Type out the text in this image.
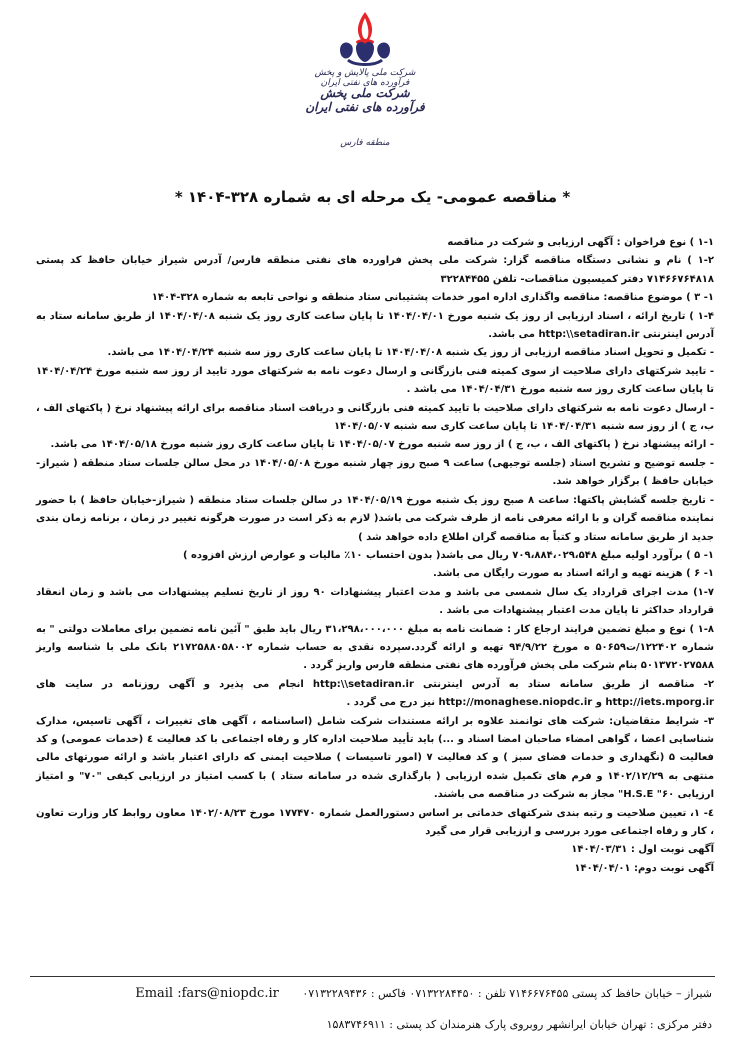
شرکت ملی پالایش و پخش فرآورده های نفتی ایران
شرکت ملی پخش فرآورده های نفتی ایران
منطقه فارس
* مناقصه عمومی- یک مرحله ای به شماره ۳۲۸-۱۴۰۴ *

۱-۱ ) نوع فراخوان : آگهی ارزیابی و شرکت در مناقصه

۱-۲ ) نام و نشانی دستگاه مناقصه گزار: شرکت ملی پخش فراورده های نفتی منطقه فارس/ آدرس شیراز خیابان حافظ کد پستی ۷۱۴۶۶۷۶۴۸۱۸ دفتر کمیسیون مناقصات- تلفن ۳۲۲۸۴۴۵۵

۱- ۳ ) موضوع مناقصه: مناقصه واگذاری اداره امور خدمات پشتیبانی ستاد منطقه و نواحی تابعه به شماره ۳۲۸-۱۴۰۴

۱-۴ ) تاریخ ارائه ، اسناد ارزیابی از روز یک شنبه مورخ ۱۴۰۴/۰۴/۰۱ تا پایان ساعت کاری روز یک شنبه ۱۴۰۴/۰۴/۰۸ از طریق سامانه ستاد به آدرس اینترنتی http:\\setadiran.ir می باشد.

- تکمیل و تحویل اسناد مناقصه ارزیابی از روز یک شنبه ۱۴۰۴/۰۴/۰۸ تا پایان ساعت کاری روز سه شنبه ۱۴۰۴/۰۴/۲۴ می باشد.

- تایید شرکتهای دارای صلاحیت از سوی کمیته فنی بازرگانی و ارسال دعوت نامه به شرکتهای مورد تایید از روز سه شنبه مورخ ۱۴۰۴/۰۴/۲۴ تا پایان ساعت کاری روز سه شنبه مورخ ۱۴۰۴/۰۴/۳۱ می باشد .

- ارسال دعوت نامه به شرکتهای دارای صلاحیت با تایید کمیته فنی بازرگانی و دریافت اسناد مناقصه برای ارائه پیشنهاد نرخ ( پاکتهای الف ، ب، ج ) از روز سه شنبه ۱۴۰۴/۰۴/۳۱ تا پایان ساعت کاری سه شنبه ۱۴۰۴/۰۵/۰۷

- ارائه پیشنهاد نرخ ( پاکتهای الف ، ب، ج ) از روز سه شنبه مورخ ۱۴۰۴/۰۵/۰۷ تا پایان ساعت کاری روز شنبه مورخ ۱۴۰۴/۰۵/۱۸ می باشد.

- جلسه توضیح و تشریح اسناد (جلسه توجیهی) ساعت ۹ صبح روز چهار شنبه مورخ ۱۴۰۴/۰۵/۰۸ در محل سالن جلسات ستاد منطقه ( شیراز- خیابان حافظ ) برگزار خواهد شد.

- تاریخ جلسه گشایش پاکتها: ساعت ۸ صبح روز یک شنبه مورخ ۱۴۰۴/۰۵/۱۹ در سالن جلسات ستاد منطقه ( شیراز-خیابان حافظ ) با حضور نماینده مناقصه گران و با ارائه معرفی نامه از طرف شرکت می باشد( لازم به ذکر است در صورت هرگونه تغییر در زمان ، برنامه زمان بندی جدید از طریق سامانه ستاد و کتباً به مناقصه گران اطلاع داده خواهد شد )

۱- ۵ ) برآورد اولیه مبلغ ۷۰۹،۸۸۴،۰۲۹،۵۴۸ ریال می باشد( بدون احتساب ۱۰٪ مالیات و عوارض ارزش افزوده )

۱- ۶ ) هزینه تهیه و ارائه اسناد به صورت رایگان می باشد.

۱-۷) مدت اجرای قرارداد یک سال شمسی می باشد و مدت اعتبار پیشنهادات ۹۰ روز از تاریخ تسلیم پیشنهادات می باشد و زمان انعقاد قرارداد حداکثر تا پایان مدت اعتبار پیشنهادات می باشد .

۱-۸ ) نوع و مبلغ تضمین فرایند ارجاع کار : ضمانت نامه به مبلغ ۳۱،۲۹۸،۰۰۰،۰۰۰ ریال باید طبق " آئین نامه تضمین برای معاملات دولتی " به شماره ۱۲۲۴۰۲/ت۵۰۶۵۹ ه مورخ ۹۴/۹/۲۲ تهیه و ارائه گردد.سپرده نقدی به حساب شماره ۲۱۷۲۵۸۸۰۵۸۰۰۲ بانک ملی با شناسه واریز ۵۰۱۳۷۲۰۲۷۵۸۸ بنام شرکت ملی پخش فرآورده های نفتی منطقه فارس واریز گردد .

۲- مناقصه از طریق سامانه ستاد به آدرس اینترنتی http:\\setadiran.ir انجام می پذیرد و آگهی روزنامه در سایت های http://iets.mporg.ir و http://monaghese.niopdc.ir نیز درج می گردد .

۳- شرایط متقاضیان: شرکت های توانمند علاوه بر ارائه مستندات شرکت شامل (اساسنامه ، آگهی های تغییرات ، آگهی تاسیس، مدارک شناسایی اعضا ، گواهی امضاء صاحبان امضا اسناد و ...) باید تأیید صلاحیت اداره کار و رفاه اجتماعی با کد فعالیت ٤ (خدمات عمومی) و کد فعالیت ۵ (نگهداری و خدمات فضای سبز ) و کد فعالیت ۷ (امور تاسیسات ) صلاحیت ایمنی که دارای اعتبار باشد و ارائه صورتهای مالی منتهی به ۱۴۰۲/۱۲/۲۹ و فرم های تکمیل شده ارزیابی ( بارگذاری شده در سامانه ستاد ) با کسب امتیاز در ارزیابی کیفی "۷۰" و امتیاز ارزیابی H.S.E "۶۰" مجاز به شرکت در مناقصه می باشند.

٤- ۱، تعیین صلاحیت و رتبه بندی شرکتهای خدماتی بر اساس دستورالعمل شماره ۱۷۷۴۷۰ مورخ ۱۴۰۲/۰۸/۲۳ معاون روابط کار وزارت تعاون ، کار و رفاه اجتماعی مورد بررسی و ارزیابی قرار می گیرد

آگهی نوبت اول : ۱۴۰۴/۰۳/۳۱

آگهی نوبت دوم: ۱۴۰۴/۰۴/۰۱

شیراز – خیابان حافظ کد پستی ۷۱۴۶۶۷۶۴۵۵ تلفن : ۰۷۱۳۲۲۸۴۴۵۰ فاکس : ۰۷۱۳۲۲۸۹۴۳۶ Email :fars@niopdc.ir
دفتر مرکزی : تهران خیابان ایرانشهر روبروی پارک هنرمندان کد پستی : ۱۵۸۳۷۴۶۹۱۱
